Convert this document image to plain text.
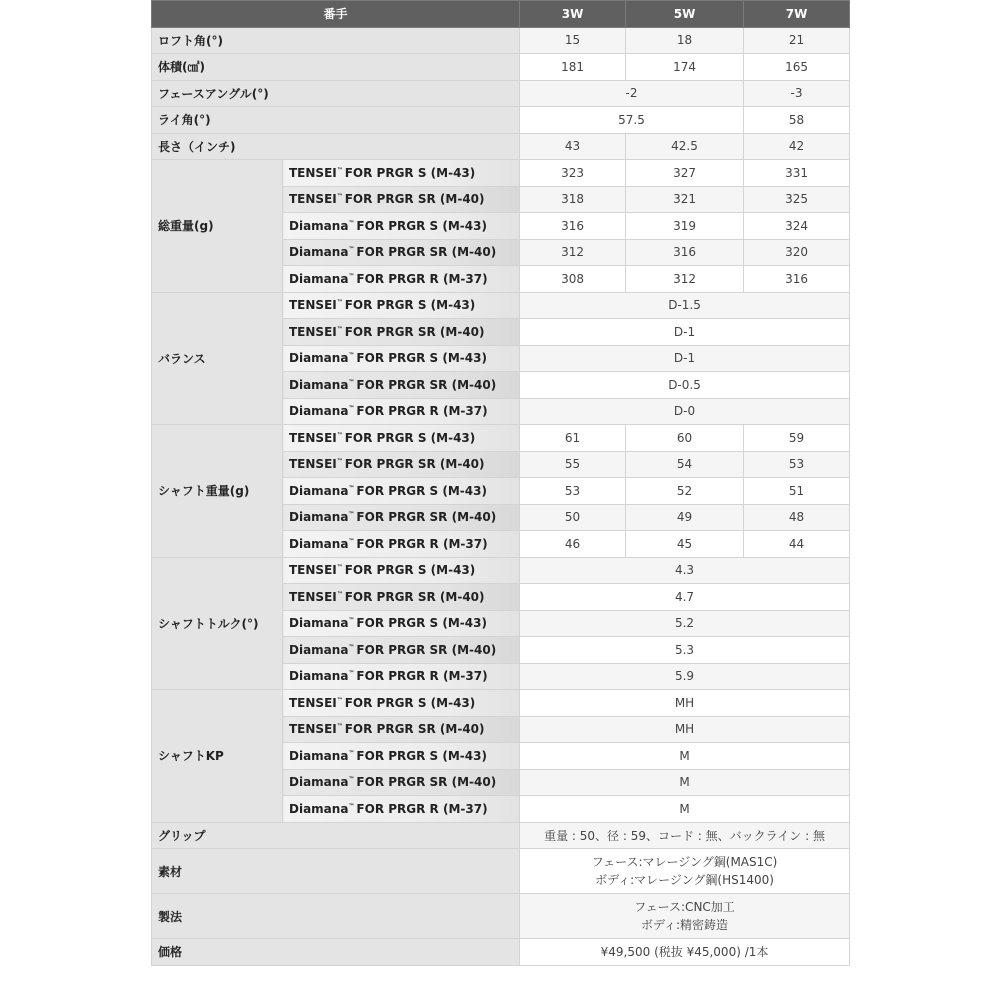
番手		3W	5W	7W
ロフト角(°)		15	18	21
体積(㎤)		181	174	165
フェースアングル(°)		-2		-3
ライ角(°)		57.5		58
長さ（インチ)		43	42.5	42
総重量(g)	TENSEI™ FOR PRGR S (M-43)	323	327	331
	TENSEI™ FOR PRGR SR (M-40)	318	321	325
	Diamana™ FOR PRGR S (M-43)	316	319	324
	Diamana™ FOR PRGR SR (M-40)	312	316	320
	Diamana™ FOR PRGR R (M-37)	308	312	316
バランス	TENSEI™ FOR PRGR S (M-43)	D-1.5		
	TENSEI™ FOR PRGR SR (M-40)	D-1		
	Diamana™ FOR PRGR S (M-43)	D-1		
	Diamana™ FOR PRGR SR (M-40)	D-0.5		
	Diamana™ FOR PRGR R (M-37)	D-0		
シャフト重量(g)	TENSEI™ FOR PRGR S (M-43)	61	60	59
	TENSEI™ FOR PRGR SR (M-40)	55	54	53
	Diamana™ FOR PRGR S (M-43)	53	52	51
	Diamana™ FOR PRGR SR (M-40)	50	49	48
	Diamana™ FOR PRGR R (M-37)	46	45	44
シャフトトルク(°)	TENSEI™ FOR PRGR S (M-43)	4.3		
	TENSEI™ FOR PRGR SR (M-40)	4.7		
	Diamana™ FOR PRGR S (M-43)	5.2		
	Diamana™ FOR PRGR SR (M-40)	5.3		
	Diamana™ FOR PRGR R (M-37)	5.9		
シャフトKP	TENSEI™ FOR PRGR S (M-43)	MH		
	TENSEI™ FOR PRGR SR (M-40)	MH		
	Diamana™ FOR PRGR S (M-43)	M		
	Diamana™ FOR PRGR SR (M-40)	M		
	Diamana™ FOR PRGR R (M-37)	M		
グリップ		重量 : 50、径 : 59、コード : 無、バックライン : 無		
素材		フェース:マレージング鋼(MAS1C)
ボディ:マレージング鋼(HS1400)		
製法		フェース:CNC加工
ボディ:精密鋳造		
価格		¥49,500 (税抜 ¥45,000) /1本		
